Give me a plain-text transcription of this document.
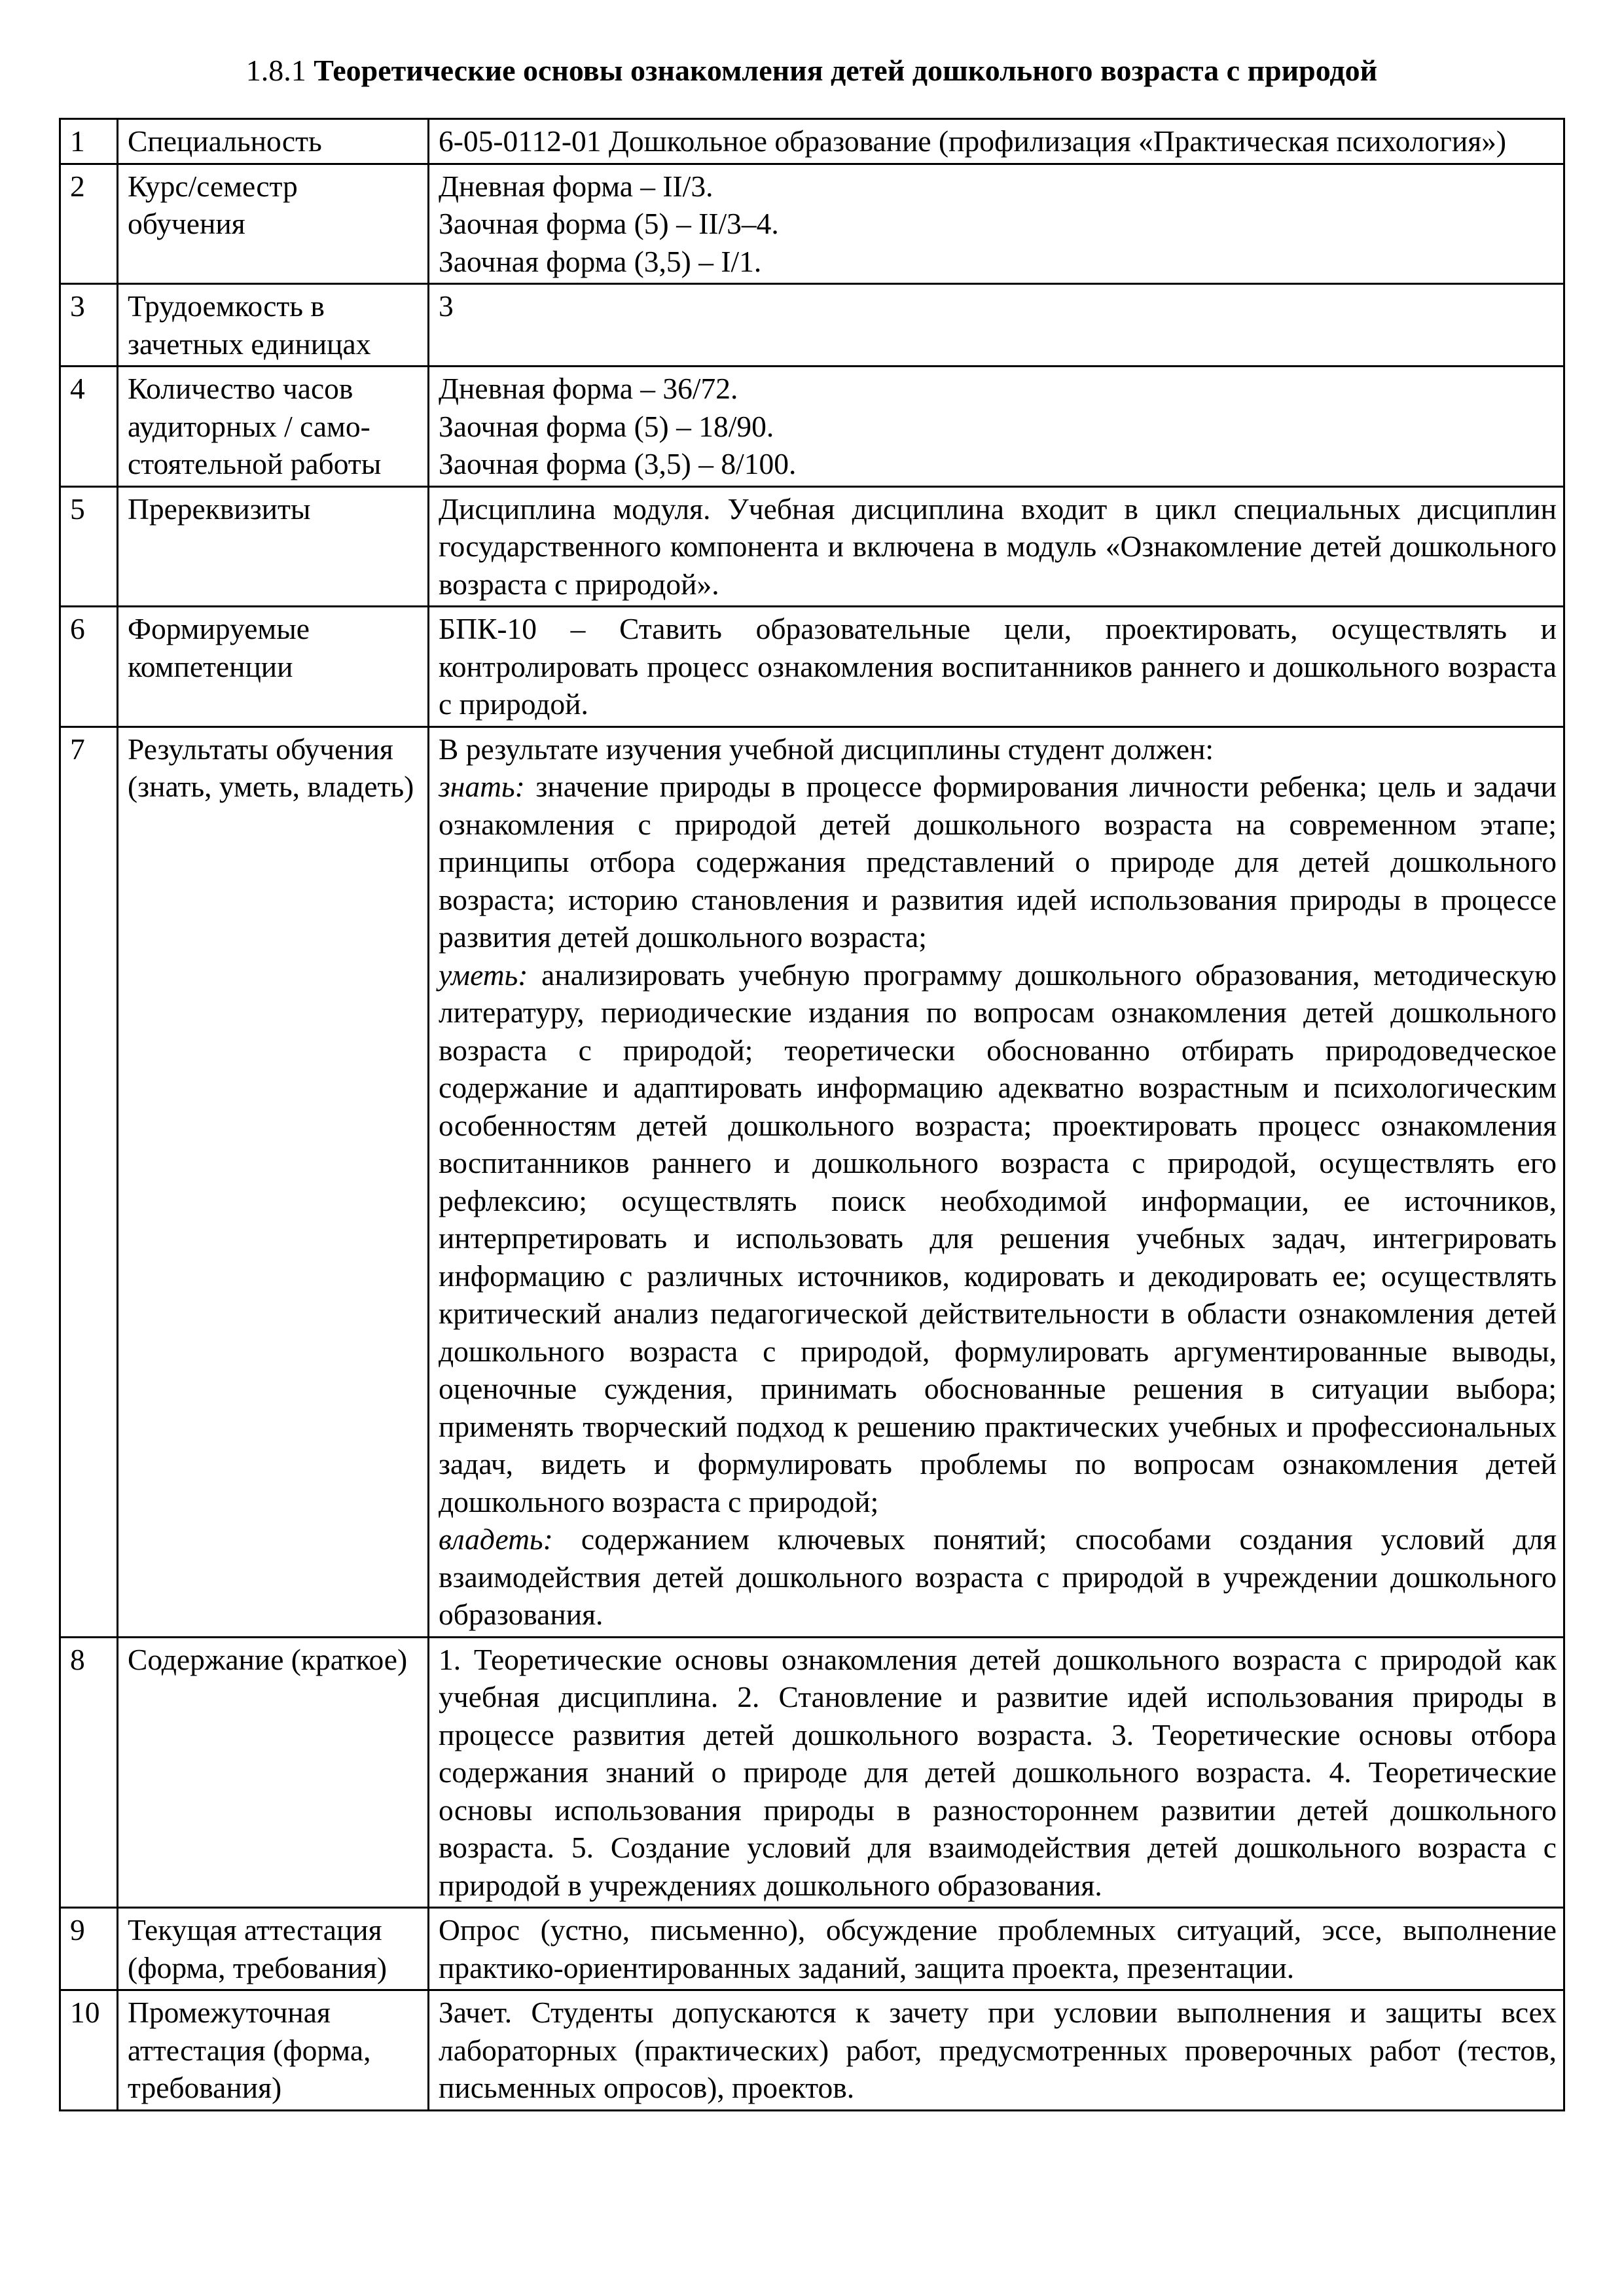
1.8.1 Теоретические основы ознакомления детей дошкольного возраста с природой
1	Специальность	6-05-0112-01 Дошкольное образование (профилизация «Практическая психология»)
2	Курс/семестр обучения	Дневная форма – II/3.
Заочная форма (5) – II/3–4.
Заочная форма (3,5) – I/1.

3	Трудоемкость в зачетных единицах	3
4	Количество часов аудиторных / само-стоятельной работы	Дневная форма – 36/72.
Заочная форма (5) – 18/90.
Заочная форма (3,5) – 8/100.

5	Пререквизиты	Дисциплина модуля. Учебная дисциплина входит в цикл специальных дисциплин государственного компонента и включена в модуль «Ознакомление детей дошкольного возраста с природой».
6	Формируемые компетенции	БПК-10 – Ставить образовательные цели, проектировать, осуществлять и контролировать процесс ознакомления воспитанников раннего и дошкольного возраста с природой.
7	Результаты обучения (знать, уметь, владеть)	В результате изучения учебной дисциплины студент должен:
знать: значение природы в процессе формирования личности ребенка; цель и задачи ознакомления с природой детей дошкольного возраста на современном этапе; принципы отбора содержания представлений о природе для детей дошкольного возраста; историю становления и развития идей использования природы в процессе развития детей дошкольного возраста;
уметь: анализировать учебную программу дошкольного образования, методическую литературу, периодические издания по вопросам ознакомления детей дошкольного возраста с природой; теоретически обоснованно отбирать природоведческое содержание и адаптировать информацию адекватно возрастным и психологическим особенностям детей дошкольного возраста; проектировать процесс ознакомления воспитанников раннего и дошкольного возраста с природой, осуществлять его рефлексию; осуществлять поиск необходимой информации, ее источников, интерпретировать и использовать для решения учебных задач, интегрировать информацию с различных источников, кодировать и декодировать ее; осуществлять критический анализ педагогической действительности в области ознакомления детей дошкольного возраста с природой, формулировать аргументированные выводы, оценочные суждения, принимать обоснованные решения в ситуации выбора; применять творческий подход к решению практических учебных и профессиональных задач, видеть и формулировать проблемы по вопросам ознакомления детей дошкольного возраста с природой;
владеть: содержанием ключевых понятий; способами создания условий для взаимодействия детей дошкольного возраста с природой в учреждении дошкольного образования.

8	Содержание (краткое)	1. Теоретические основы ознакомления детей дошкольного возраста с природой как учебная дисциплина. 2. Становление и развитие идей использования природы в процессе развития детей дошкольного возраста. 3. Теоретические основы отбора содержания знаний о природе для детей дошкольного возраста. 4. Теоретические основы использования природы в разностороннем развитии детей дошкольного возраста. 5. Создание условий для взаимодействия детей дошкольного возраста с природой в учреждениях дошкольного образования.
9	Текущая аттестация (форма, требования)	Опрос (устно, письменно), обсуждение проблемных ситуаций, эссе, выполнение практико-ориентированных заданий, защита проекта, презентации.
10	Промежуточная аттестация (форма, требования)	Зачет. Студенты допускаются к зачету при условии выполнения и защиты всех лабораторных (практических) работ, предусмотренных проверочных работ (тестов, письменных опросов), проектов.
